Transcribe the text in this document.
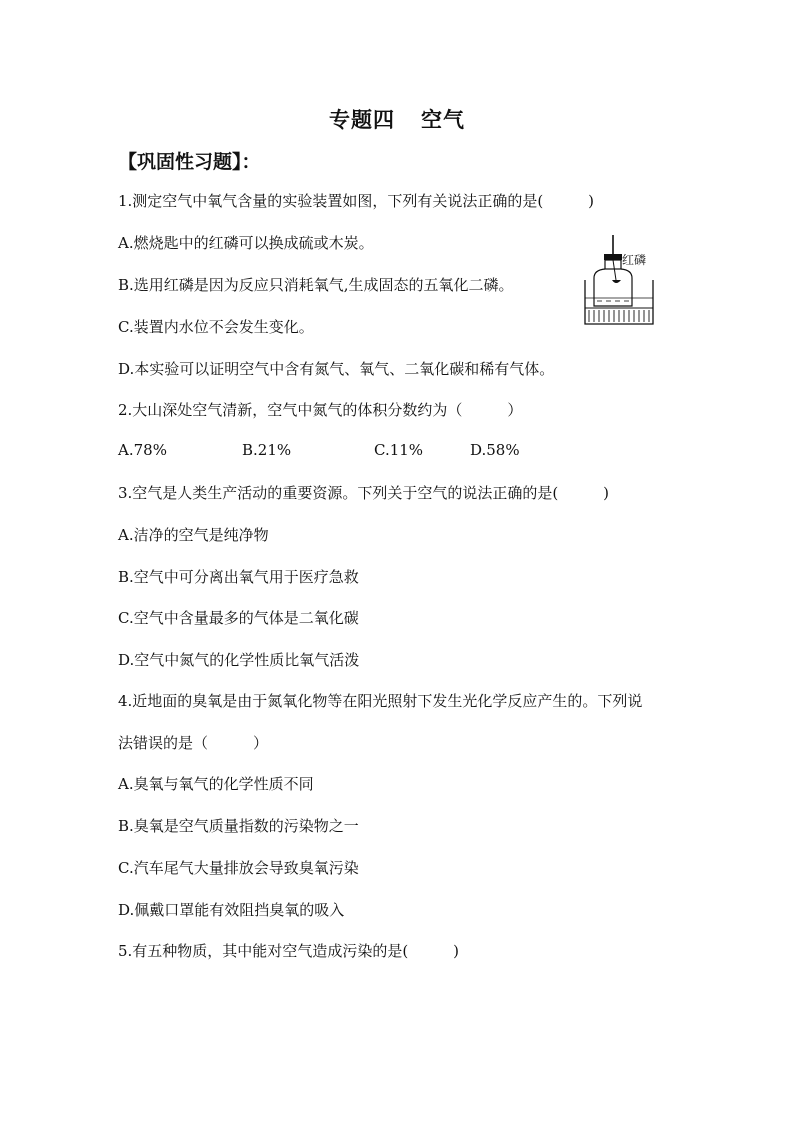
专题四 空气
【巩固性习题】：
1.测定空气中氧气含量的实验装置如图，下列有关说法正确的是(　　　)
A.燃烧匙中的红磷可以换成硫或木炭。
B.选用红磷是因为反应只消耗氧气,生成固态的五氧化二磷。
C.装置内水位不会发生变化。
D.本实验可以证明空气中含有氮气、氧气、二氧化碳和稀有气体。
红磷
2.大山深处空气清新，空气中氮气的体积分数约为（　　　）
A.78%	B.21%	C.11%	D.58%
3.空气是人类生产活动的重要资源。下列关于空气的说法正确的是(　　　)
A.洁净的空气是纯净物
B.空气中可分离出氧气用于医疗急救
C.空气中含量最多的气体是二氧化碳
D.空气中氮气的化学性质比氧气活泼
4.近地面的臭氧是由于氮氧化物等在阳光照射下发生光化学反应产生的。下列说
法错误的是（　　　）
A.臭氧与氧气的化学性质不同
B.臭氧是空气质量指数的污染物之一
C.汽车尾气大量排放会导致臭氧污染
D.佩戴口罩能有效阻挡臭氧的吸入
5.有五种物质，其中能对空气造成污染的是(　　　)
